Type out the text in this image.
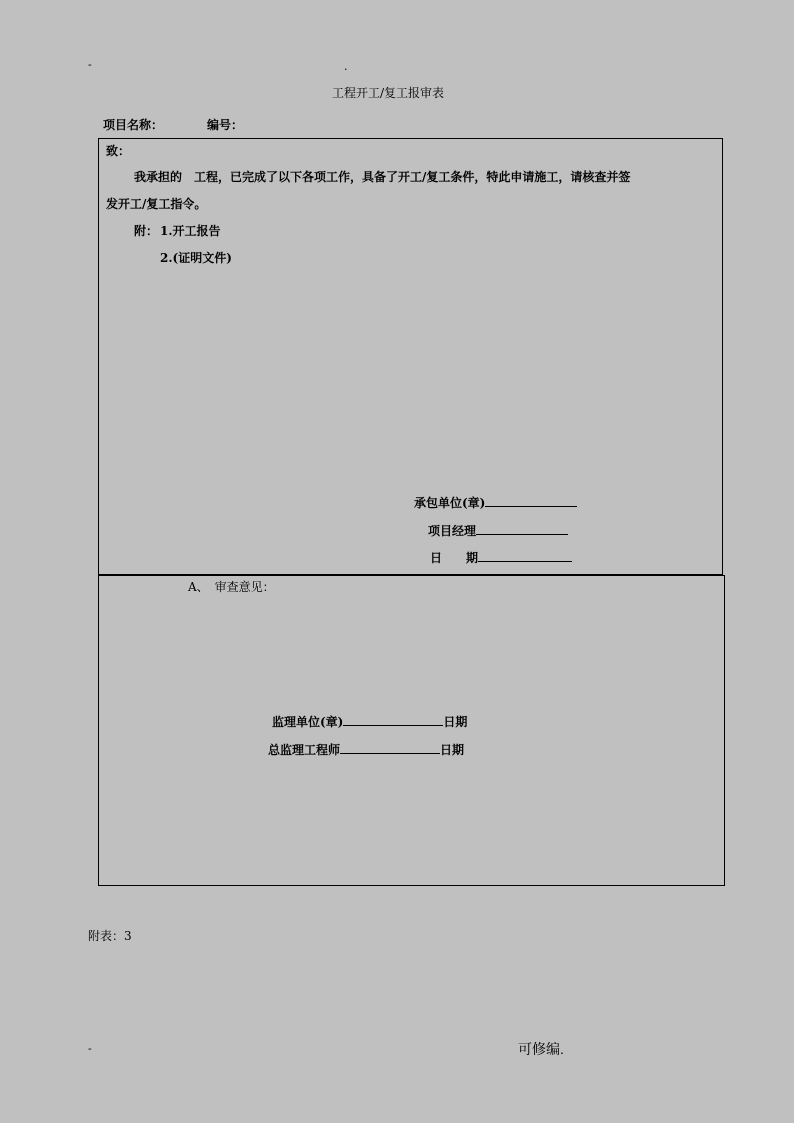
-	.
工程开工/复工报审表
项目名称：	编号：
致：
我承担的　工程，已完成了以下各项工作，具备了开工/复工条件，特此申请施工，请核查并签
发开工/复工指令。
附： 1.开工报告
2.(证明文件)
承包单位(章)
项目经理
日　　期
A、　审查意见：
监理单位(章)	日期
总监理工程师	日期
附表：3
-	可修编.
